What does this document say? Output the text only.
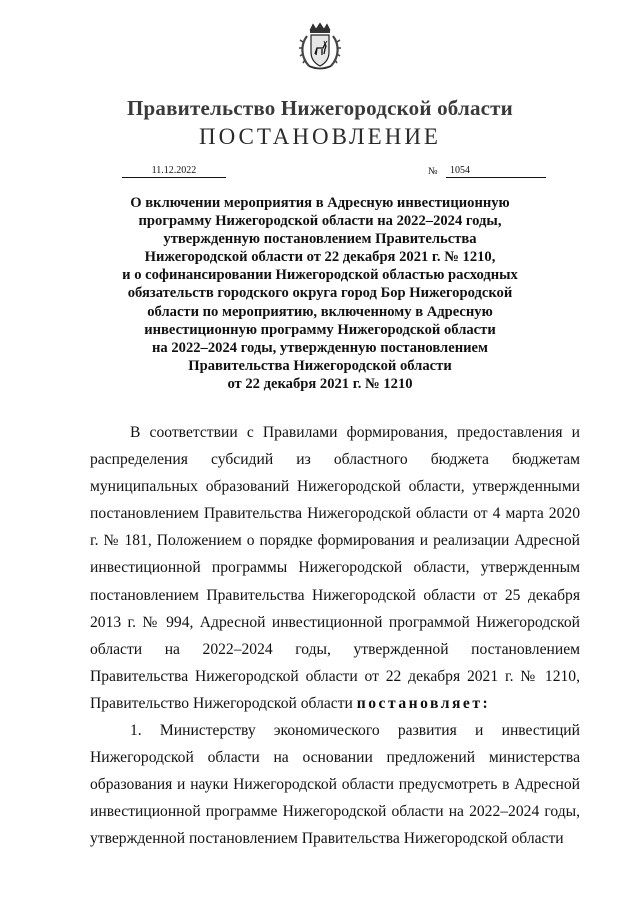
Правительство Нижегородской области
ПОСТАНОВЛЕНИЕ
11.12.2022	№	1054
О включении мероприятия в Адресную инвестиционную
программу Нижегородской области на 2022–2024 годы,
утвержденную постановлением Правительства
Нижегородской области от 22 декабря 2021 г. № 1210,
и о софинансировании Нижегородской областью расходных
обязательств городского округа город Бор Нижегородской
области по мероприятию, включенному в Адресную
инвестиционную программу Нижегородской области
на 2022–2024 годы, утвержденную постановлением
Правительства Нижегородской области
от 22 декабря 2021 г. № 1210

В соответствии с Правилами формирования, предоставления и распределения субсидий из областного бюджета бюджетам муниципальных образований Нижегородской области, утвержденными постановлением Правительства Нижегородской области от 4 марта 2020 г. № 181, Положением о порядке формирования и реализации Адресной инвестиционной программы Нижегородской области, утвержденным постановлением Правительства Нижегородской области от 25 декабря 2013 г. № 994, Адресной инвестиционной программой Нижегородской области на 2022–2024 годы, утвержденной постановлением Правительства Нижегородской области от 22 декабря 2021 г. № 1210, Правительство Нижегородской области постановляет:

1. Министерству экономического развития и инвестиций Нижегородской области на основании предложений министерства образования и науки Нижегородской области предусмотреть в Адресной инвестиционной программе Нижегородской области на 2022–2024 годы, утвержденной постановлением Правительства Нижегородской области
